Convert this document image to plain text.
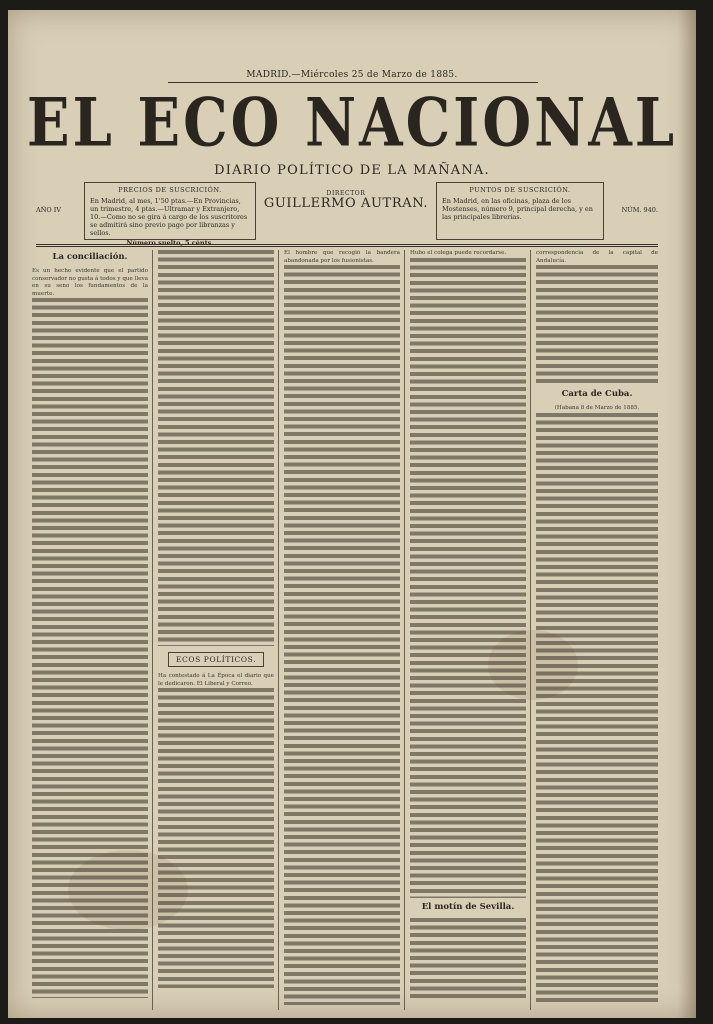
MADRID.—Miércoles 25 de Marzo de 1885.
EL ECO NACIONAL
DIARIO POLÍTICO DE LA MAÑANA.
AÑO IV
PRECIOS DE SUSCRICIÓN.
En Madrid, al mes, 1'50 ptas.—En Provincias, un trimestre, 4 ptas.—Ultramar y Extranjero, 10.—Como no se gira á cargo de los suscritores se admitirá sino previo pago por libranzas y sellos.
Número suelto, 5 cénts.
DIRECTOR
GUILLERMO AUTRAN.
PUNTOS DE SUSCRICIÓN.
En Madrid, en las oficinas, plaza de los Mostenses, número 9, principal derecha, y en las principales librerías.
NÚM. 940.
La conciliación.
Es un hecho evidente que el partido conservador no gusta á todos y que lleva en su seno los fundamentos de la muerte.
ECOS POLÍTICOS.
Ha contestado á La Época el diario que le dedicaron. El Liberal y Correo.
El hombre que recogió la bandera abandonada por los fusionistas.
Hubo el colega puede recordarse.
El motín de Sevilla.
correspondencia de la capital de Andalucía.
Carta de Cuba.
(Habana 8 de Marzo de 1885.
